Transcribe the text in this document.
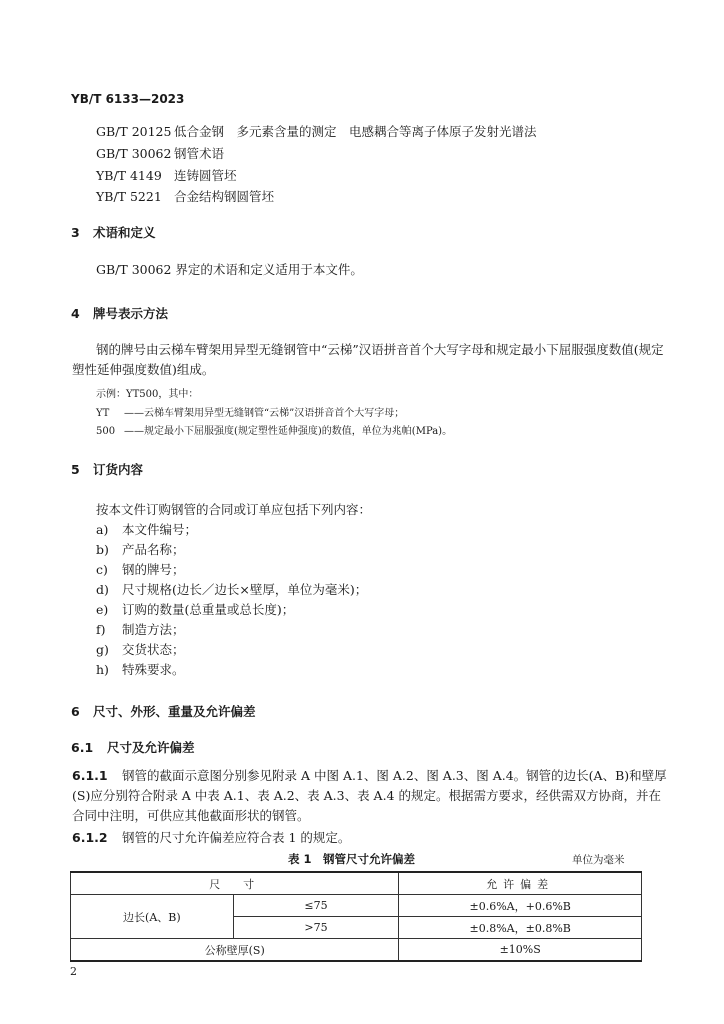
YB/T 6133—2023
GB/T 20125 低合金钢　多元素含量的测定　电感耦合等离子体原子发射光谱法
GB/T 30062 钢管术语
YB/T 4149 连铸圆管坯
YB/T 5221 合金结构钢圆管坯
3 术语和定义
GB/T 30062 界定的术语和定义适用于本文件。
4 牌号表示方法
钢的牌号由云梯车臂架用异型无缝钢管中“云梯”汉语拼音首个大写字母和规定最小下屈服强度数值(规定塑性延伸强度数值)组成。
示例：YT500，其中：
YT ——云梯车臂架用异型无缝钢管“云梯”汉语拼音首个大写字母；
500 ——规定最小下屈服强度(规定塑性延伸强度)的数值，单位为兆帕(MPa)。
5 订货内容
按本文件订购钢管的合同或订单应包括下列内容：
a) 本文件编号；
b) 产品名称；
c) 钢的牌号；
d) 尺寸规格(边长／边长×壁厚，单位为毫米)；
e) 订购的数量(总重量或总长度)；
f) 制造方法；
g) 交货状态；
h) 特殊要求。
6 尺寸、外形、重量及允许偏差
6.1 尺寸及允许偏差
6.1.1 钢管的截面示意图分别参见附录 A 中图 A.1、图 A.2、图 A.3、图 A.4。钢管的边长(A、B)和壁厚(S)应分别符合附录 A 中表 A.1、表 A.2、表 A.3、表 A.4 的规定。根据需方要求，经供需双方协商，并在合同中注明，可供应其他截面形状的钢管。
6.1.2 钢管的尺寸允许偏差应符合表 1 的规定。
表 1　钢管尺寸允许偏差	单位为毫米
尺　寸		允许偏差
边长(A、B)	≤75	±0.6%A，+0.6%B
	>75	±0.8%A，±0.8%B
公称壁厚(S)		±10%S
2
